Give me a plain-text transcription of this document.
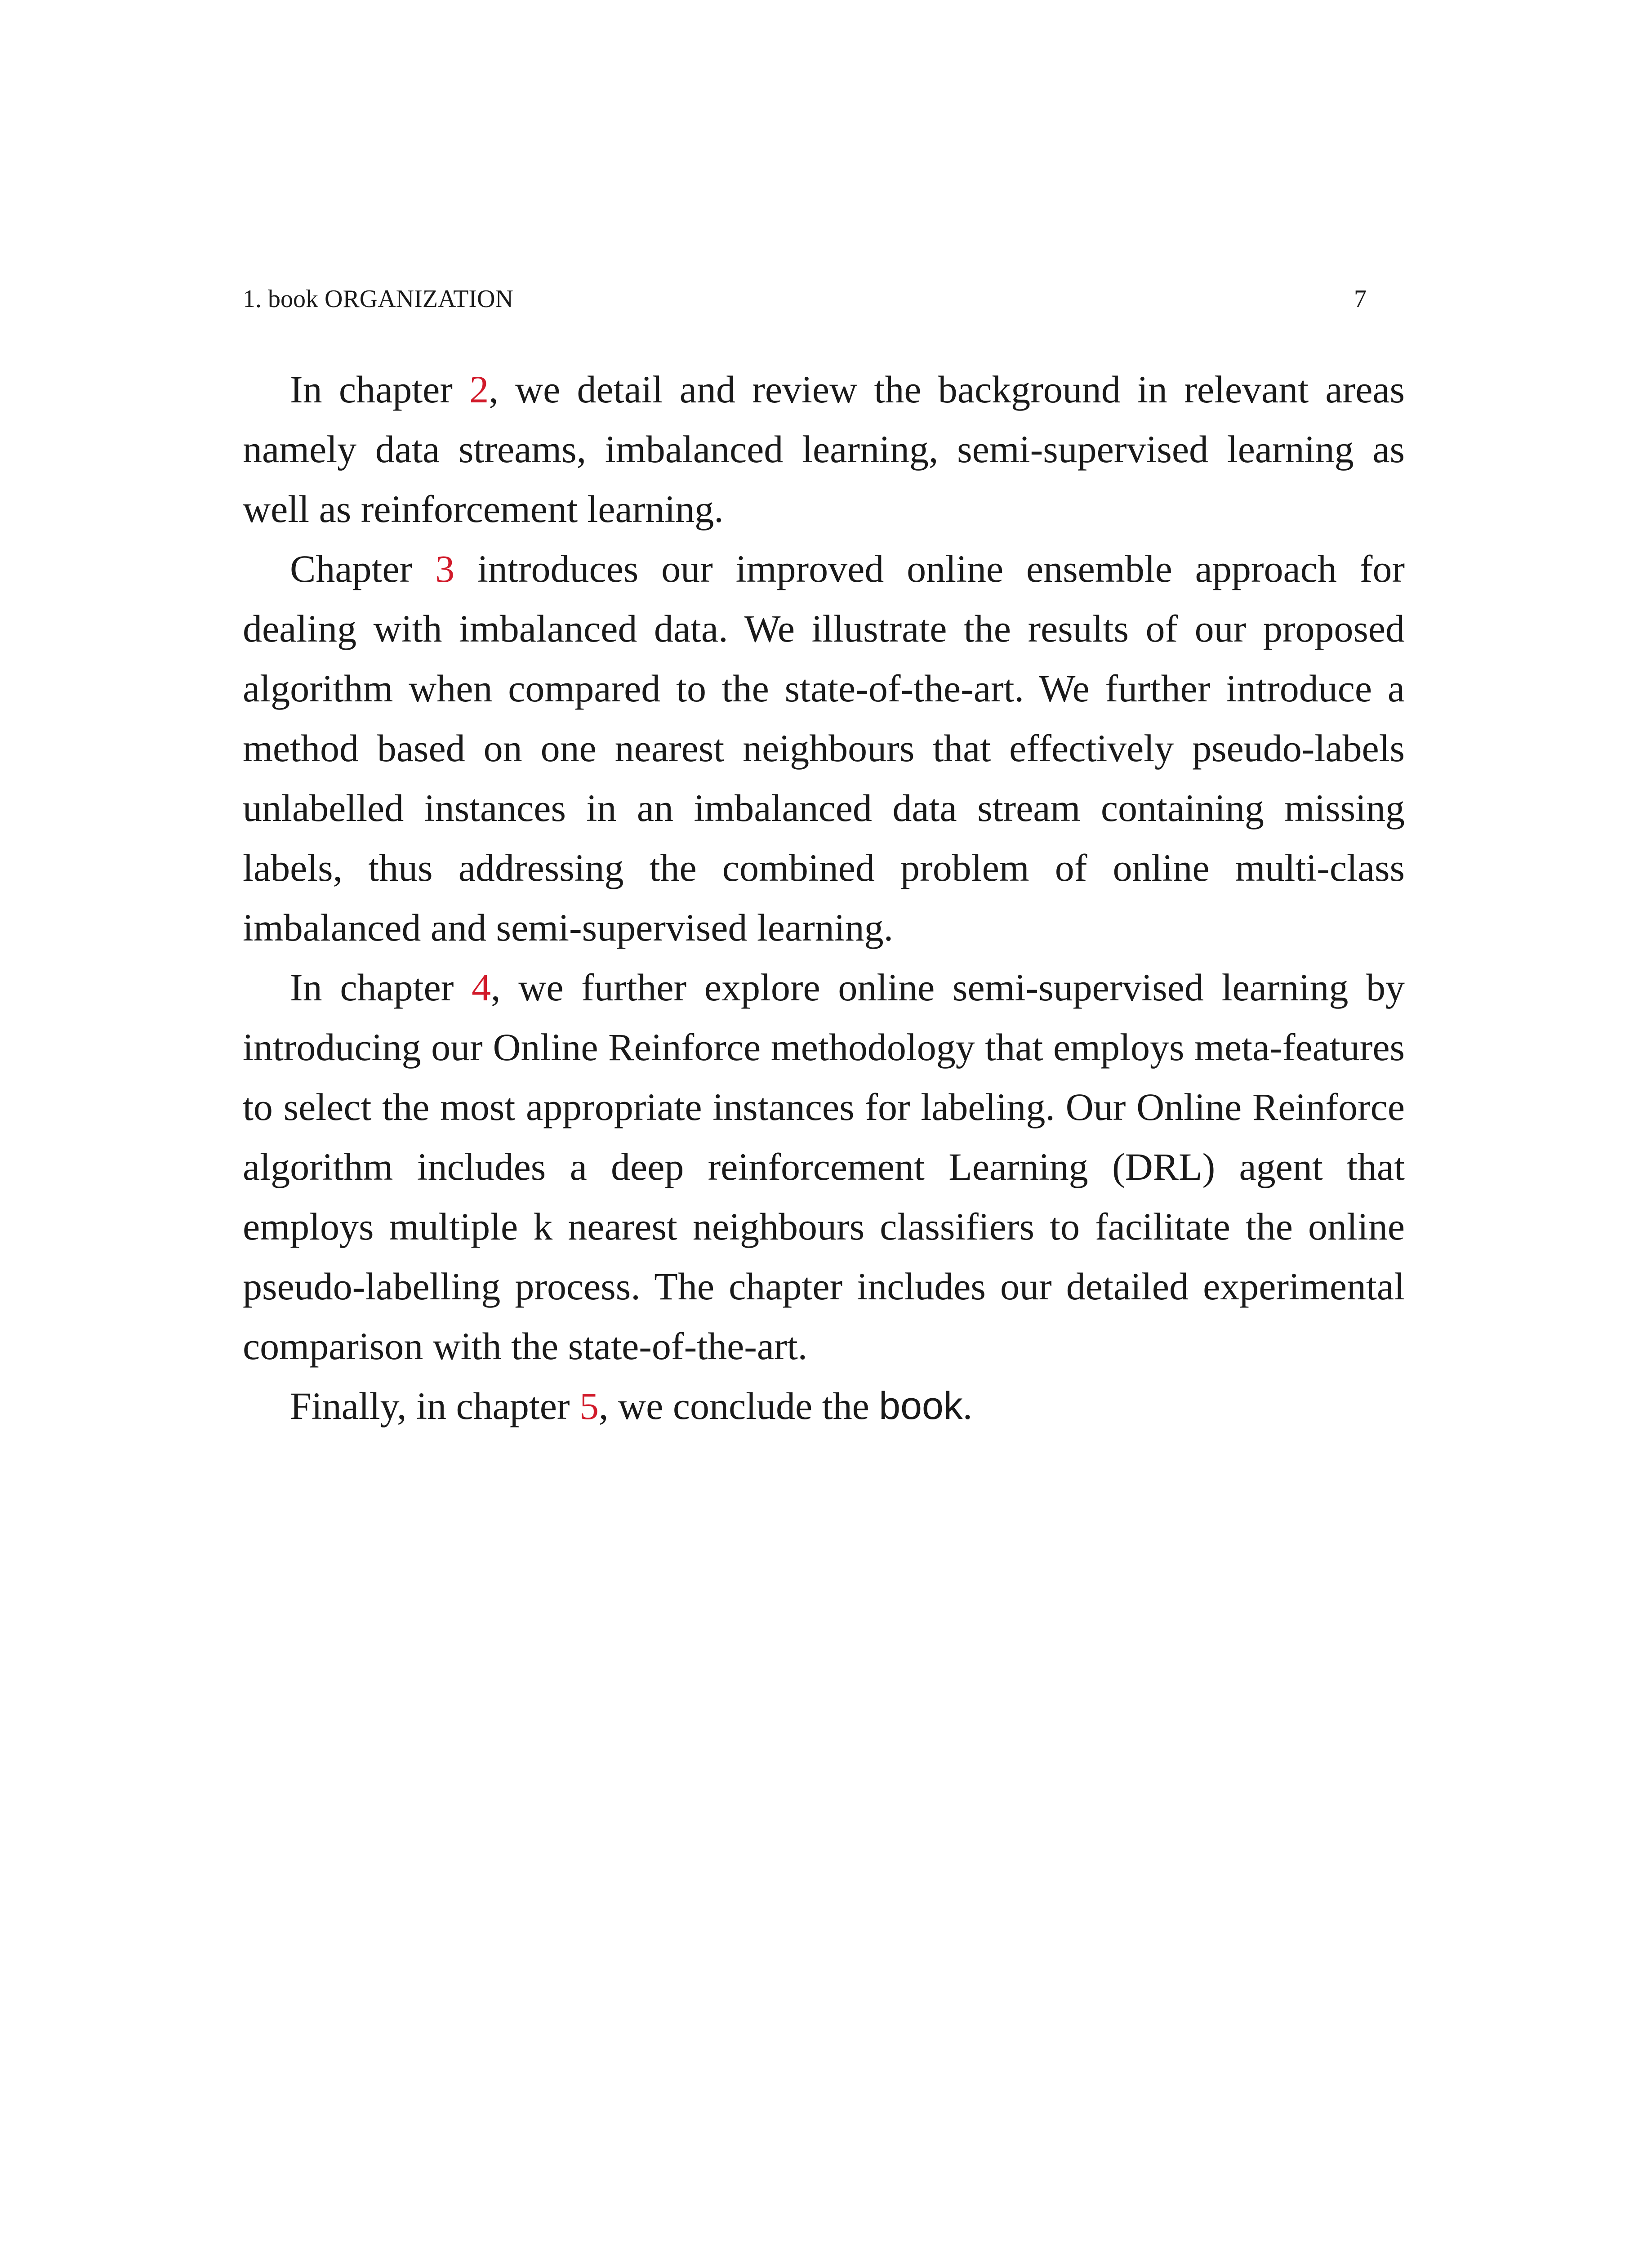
1. book ORGANIZATION	7

In chapter 2, we detail and review the background in relevant areas namely data streams, imbalanced learning, semi-supervised learning as well as reinforcement learning.

Chapter 3 introduces our improved online ensemble approach for dealing with imbalanced data. We illustrate the results of our proposed algorithm when compared to the state-of-the-art. We further introduce a method based on one nearest neighbours that effectively pseudo-labels unlabelled instances in an imbalanced data stream containing missing labels, thus addressing the combined problem of online multi-class imbalanced and semi-supervised learning.

In chapter 4, we further explore online semi-supervised learning by introducing our Online Reinforce methodology that employs meta-features to select the most appropriate instances for labeling. Our Online Reinforce algorithm includes a deep reinforcement Learning (DRL) agent that employs multiple k nearest neighbours classifiers to facilitate the online pseudo-labelling process. The chapter includes our detailed experimental comparison with the state-of-the-art.

Finally, in chapter 5, we conclude the book.
